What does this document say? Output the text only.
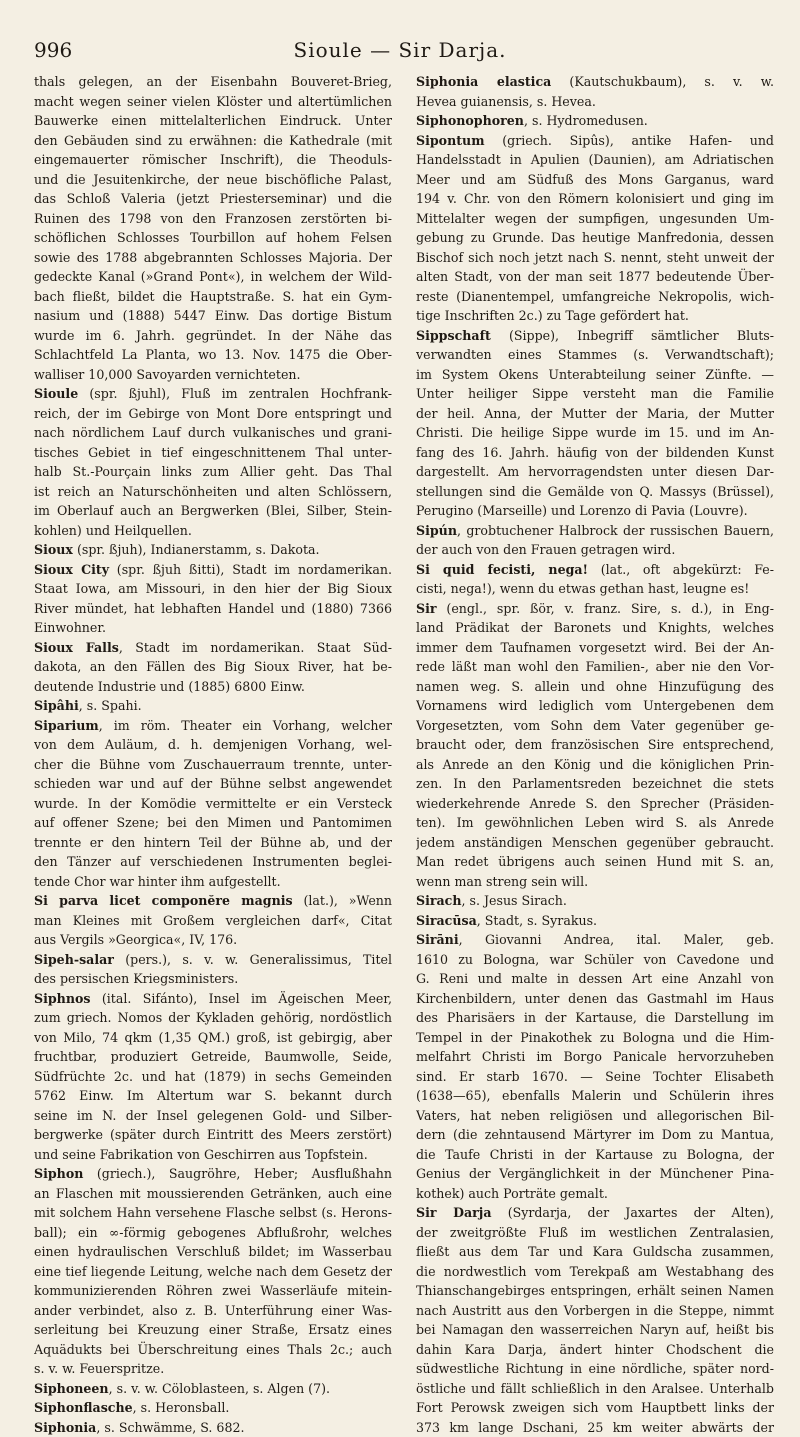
996	Sioule — Sir Darja.
thals gelegen, an der Eisenbahn Bouveret-Brieg,
macht wegen seiner vielen Klöster und altertümlichen
Bauwerke einen mittelalterlichen Eindruck. Unter
den Gebäuden sind zu erwähnen: die Kathedrale (mit
eingemauerter römischer Inschrift), die Theoduls-
und die Jesuitenkirche, der neue bischöfliche Palast,
das Schloß Valeria (jetzt Priesterseminar) und die
Ruinen des 1798 von den Franzosen zerstörten bi-
schöflichen Schlosses Tourbillon auf hohem Felsen
sowie des 1788 abgebrannten Schlosses Majoria. Der
gedeckte Kanal (»Grand Pont«), in welchem der Wild-
bach fließt, bildet die Hauptstraße. S. hat ein Gym-
nasium und (1888) 5447 Einw. Das dortige Bistum
wurde im 6. Jahrh. gegründet. In der Nähe das
Schlachtfeld La Planta, wo 13. Nov. 1475 die Ober-
walliser 10,000 Savoyarden vernichteten.
Sioule (spr. ßjuhl), Fluß im zentralen Hochfrank-
reich, der im Gebirge von Mont Dore entspringt und
nach nördlichem Lauf durch vulkanisches und grani-
tisches Gebiet in tief eingeschnittenem Thal unter-
halb St.-Pourçain links zum Allier geht. Das Thal
ist reich an Naturschönheiten und alten Schlössern,
im Oberlauf auch an Bergwerken (Blei, Silber, Stein-
kohlen) und Heilquellen.
Sioux (spr. ßjuh), Indianerstamm, s. Dakota.
Sioux City (spr. ßjuh ßitti), Stadt im nordamerikan.
Staat Iowa, am Missouri, in den hier der Big Sioux
River mündet, hat lebhaften Handel und (1880) 7366
Einwohner.
Sioux Falls, Stadt im nordamerikan. Staat Süd-
dakota, an den Fällen des Big Sioux River, hat be-
deutende Industrie und (1885) 6800 Einw.
Sipâhi, s. Spahi.
Siparium, im röm. Theater ein Vorhang, welcher
von dem Auläum, d. h. demjenigen Vorhang, wel-
cher die Bühne vom Zuschauerraum trennte, unter-
schieden war und auf der Bühne selbst angewendet
wurde. In der Komödie vermittelte er ein Versteck
auf offener Szene; bei den Mimen und Pantomimen
trennte er den hintern Teil der Bühne ab, und der
den Tänzer auf verschiedenen Instrumenten beglei-
tende Chor war hinter ihm aufgestellt.
Si parva licet componĕre magnis (lat.), »Wenn
man Kleines mit Großem vergleichen darf«, Citat
aus Vergils »Georgica«, IV, 176.
Sipeh-salar (pers.), s. v. w. Generalissimus, Titel
des persischen Kriegsministers.
Siphnos (ital. Sifánto), Insel im Ägeischen Meer,
zum griech. Nomos der Kykladen gehörig, nordöstlich
von Milo, 74 qkm (1,35 QM.) groß, ist gebirgig, aber
fruchtbar, produziert Getreide, Baumwolle, Seide,
Südfrüchte 2c. und hat (1879) in sechs Gemeinden
5762 Einw. Im Altertum war S. bekannt durch
seine im N. der Insel gelegenen Gold- und Silber-
bergwerke (später durch Eintritt des Meers zerstört)
und seine Fabrikation von Geschirren aus Topfstein.
Siphon (griech.), Saugröhre, Heber; Ausflußhahn
an Flaschen mit moussierenden Getränken, auch eine
mit solchem Hahn versehene Flasche selbst (s. Herons-
ball); ein ∞-förmig gebogenes Abflußrohr, welches
einen hydraulischen Verschluß bildet; im Wasserbau
eine tief liegende Leitung, welche nach dem Gesetz der
kommunizierenden Röhren zwei Wasserläufe mitein-
ander verbindet, also z. B. Unterführung einer Was-
serleitung bei Kreuzung einer Straße, Ersatz eines
Aquädukts bei Überschreitung eines Thals 2c.; auch
s. v. w. Feuerspritze.
Siphoneen, s. v. w. Cöloblasteen, s. Algen (7).
Siphonflasche, s. Heronsball.
Siphonia, s. Schwämme, S. 682.
Siphonia elastica (Kautschukbaum), s. v. w.
Hevea guianensis, s. Hevea.
Siphonophoren, s. Hydromedusen.
Sipontum (griech. Sipûs), antike Hafen- und
Handelsstadt in Apulien (Daunien), am Adriatischen
Meer und am Südfuß des Mons Garganus, ward
194 v. Chr. von den Römern kolonisiert und ging im
Mittelalter wegen der sumpfigen, ungesunden Um-
gebung zu Grunde. Das heutige Manfredonia, dessen
Bischof sich noch jetzt nach S. nennt, steht unweit der
alten Stadt, von der man seit 1877 bedeutende Über-
reste (Dianentempel, umfangreiche Nekropolis, wich-
tige Inschriften 2c.) zu Tage gefördert hat.
Sippschaft (Sippe), Inbegriff sämtlicher Bluts-
verwandten eines Stammes (s. Verwandtschaft);
im System Okens Unterabteilung seiner Zünfte. —
Unter heiliger Sippe versteht man die Familie
der heil. Anna, der Mutter der Maria, der Mutter
Christi. Die heilige Sippe wurde im 15. und im An-
fang des 16. Jahrh. häufig von der bildenden Kunst
dargestellt. Am hervorragendsten unter diesen Dar-
stellungen sind die Gemälde von Q. Massys (Brüssel),
Perugino (Marseille) und Lorenzo di Pavia (Louvre).
Sipún, grobtuchener Halbrock der russischen Bauern,
der auch von den Frauen getragen wird.
Si quid fecisti, nega! (lat., oft abgekürzt: Fe-
cisti, nega!), wenn du etwas gethan hast, leugne es!
Sir (engl., spr. ßör, v. franz. Sire, s. d.), in Eng-
land Prädikat der Baronets und Knights, welches
immer dem Taufnamen vorgesetzt wird. Bei der An-
rede läßt man wohl den Familien-, aber nie den Vor-
namen weg. S. allein und ohne Hinzufügung des
Vornamens wird lediglich vom Untergebenen dem
Vorgesetzten, vom Sohn dem Vater gegenüber ge-
braucht oder, dem französischen Sire entsprechend,
als Anrede an den König und die königlichen Prin-
zen. In den Parlamentsreden bezeichnet die stets
wiederkehrende Anrede S. den Sprecher (Präsiden-
ten). Im gewöhnlichen Leben wird S. als Anrede
jedem anständigen Menschen gegenüber gebraucht.
Man redet übrigens auch seinen Hund mit S. an,
wenn man streng sein will.
Sirach, s. Jesus Sirach.
Siracūsa, Stadt, s. Syrakus.
Sirāni, Giovanni Andrea, ital. Maler, geb.
1610 zu Bologna, war Schüler von Cavedone und
G. Reni und malte in dessen Art eine Anzahl von
Kirchenbildern, unter denen das Gastmahl im Haus
des Pharisäers in der Kartause, die Darstellung im
Tempel in der Pinakothek zu Bologna und die Him-
melfahrt Christi im Borgo Panicale hervorzuheben
sind. Er starb 1670. — Seine Tochter Elisabeth
(1638—65), ebenfalls Malerin und Schülerin ihres
Vaters, hat neben religiösen und allegorischen Bil-
dern (die zehntausend Märtyrer im Dom zu Mantua,
die Taufe Christi in der Kartause zu Bologna, der
Genius der Vergänglichkeit in der Münchener Pina-
kothek) auch Porträte gemalt.
Sir Darja (Syrdarja, der Jaxartes der Alten),
der zweitgrößte Fluß im westlichen Zentralasien,
fließt aus dem Tar und Kara Guldscha zusammen,
die nordwestlich vom Terekpaß am Westabhang des
Thianschangebirges entspringen, erhält seinen Namen
nach Austritt aus den Vorbergen in die Steppe, nimmt
bei Namagan den wasserreichen Naryn auf, heißt bis
dahin Kara Darja, ändert hinter Chodschent die
südwestliche Richtung in eine nördliche, später nord-
östliche und fällt schließlich in den Aralsee. Unterhalb
Fort Perowsk zweigen sich vom Hauptbett links der
373 km lange Dschani, 25 km weiter abwärts der
